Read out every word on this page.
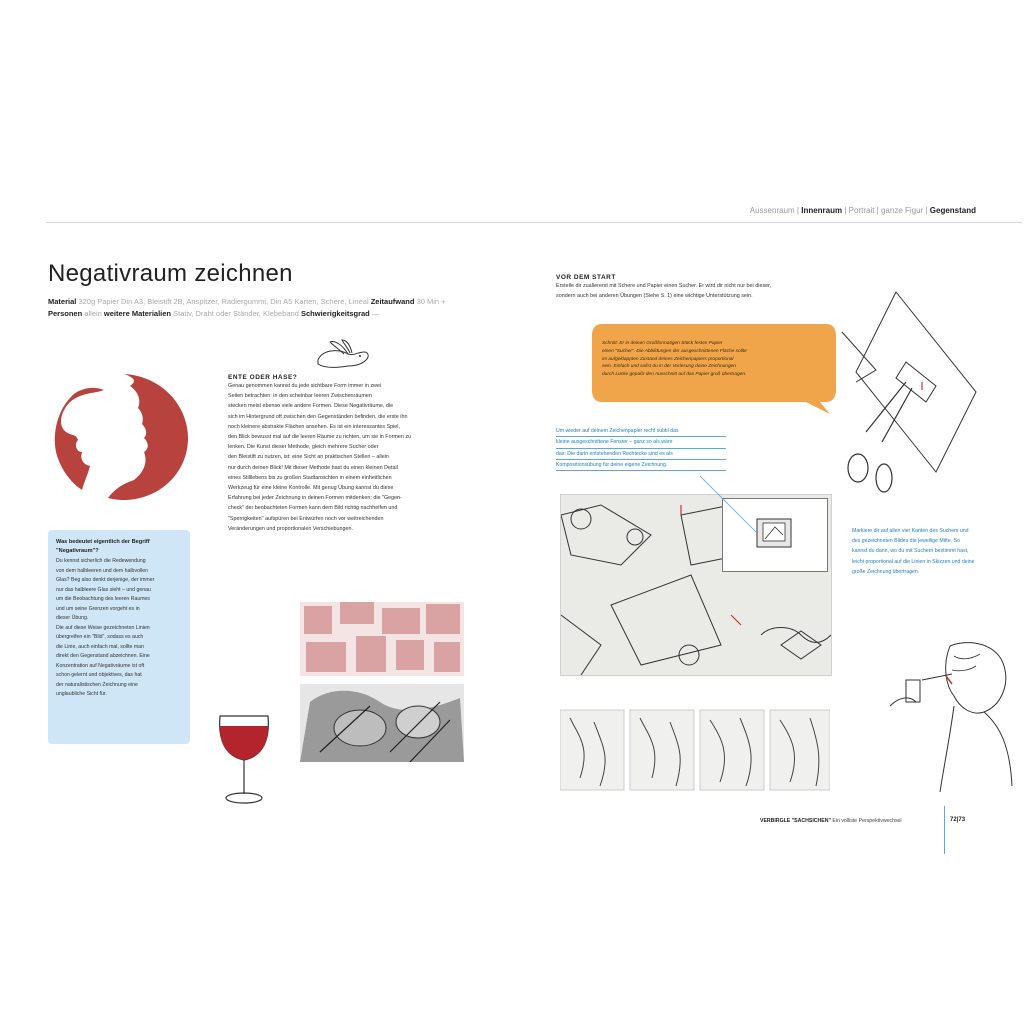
Aussenraum | Innenraum | Portrait | ganze Figur | Gegenstand
Negativraum zeichnen
Material 320g Papier Din A3, Bleistift 2B, Anspitzer, Radiergummi, Din A5 Karten, Schere, Lineal Zeitaufwand 30 Min + Personen allein weitere Materialien Stativ, Draht oder Ständer, Klebeband Schwierigkeitsgrad —
ENTE ODER HASE?
Genau genommen kannst du jede sichtbare Form immer in zwei
Seiten betrachten: in den scheinbar leeren Zwischenräumen
stecken meist ebenso viele andere Formen. Diese Negativräume, die
sich im Hintergrund oft zwischen den Gegenständen befinden, die erste ihn
noch kleinere abstrakte Flächen ansehen. Es ist ein interessantes Spiel,
den Blick bewusst mal auf die leeren Räume zu richten, um sie in Formen zu
lenken. Die Kunst dieser Methode, gleich mehrere Sucher oder
den Bleistift zu nutzen, ist: eine Sicht an praktischen Stellen – allein
nur durch deinen Blick! Mit dieser Methode hast du einen kleinen Detail
eines Stilllebens bis zu großen Stadtansichten in einem einheitlichen
Werkzeug für eine kleine Kontrolle. Mit genug Übung kannst du diese
Erfahrung bei jeder Zeichnung in deinen Formen mitdenken: die "Gegen-
check" der beobachteten Formen kann dem Bild richtig nachhelfen und
"Sperrigkeiten" aufspüren bei Entwürfen noch vor weitreichenden
Veränderungen und proportionalen Verschiebungen.
Was bedeutet eigentlich der Begriff "Negativraum"?
Du kennst sicherlich die Redewendung
von dem halbleeren und dem halbvollen
Glas? Beg also denkt derjenige, der immer
nur das halbleere Glas sieht – und genau
um die Beobachtung des leeren Raumes
und um seine Grenzen vorgeht es in
dieser Übung.
Die auf diese Weise gezeichneten Linien
übergreifen ein "Bild", sodass es auch
die Linie, auch einfach mal, sollte man
direkt den Gegenstand abzeichnen. Eine
Konzentration auf Negativräume ist oft
schon gelernt und objektives, das hat
der naturalistischen Zeichnung eine
unglaubliche Sicht für.
VOR DEM START
Erstelle dir zuallererst mit Schere und Papier einen Sucher. Er wird dir nicht nur bei dieser,
sondern auch bei anderen Übungen (Siehe S. 1) eine wichtige Unterstützung sein.
Schnitt: Er in deinen Großformatigen Stück festes Papier
einen "Sucher". Die Abbildungen der ausgeschnittenen Fläche sollte
im aufgeklappten Zustand deines Zeichenpapiers proportional
sein. Einfach und sollst du in der Vorlesung deine Zeichnungen
durch Lücke gepaßt den Ausschnitt auf das Papier groß übertragen.
Um wieder auf deinem Zeichenpapier recht subtil das
kleine ausgeschnittene Fenster – ganz so als wäre
das: Die darin entstehenden Rechtecke sind es als
Kompositionsübung für deine eigene Zeichnung.
Markiere dir auf allen vier Kanten des Suchers und des gezeichneten Bildes die jeweilige Mitte. So kannst du dann, wo du mit Suchern bestimmt hast, leicht proportional auf die Linien in Skizzen und deine große Zeichnung übertragen.
VERBIRGLE "SACHSICHEN" Ein volliste Perspektivwechsel	72|73
